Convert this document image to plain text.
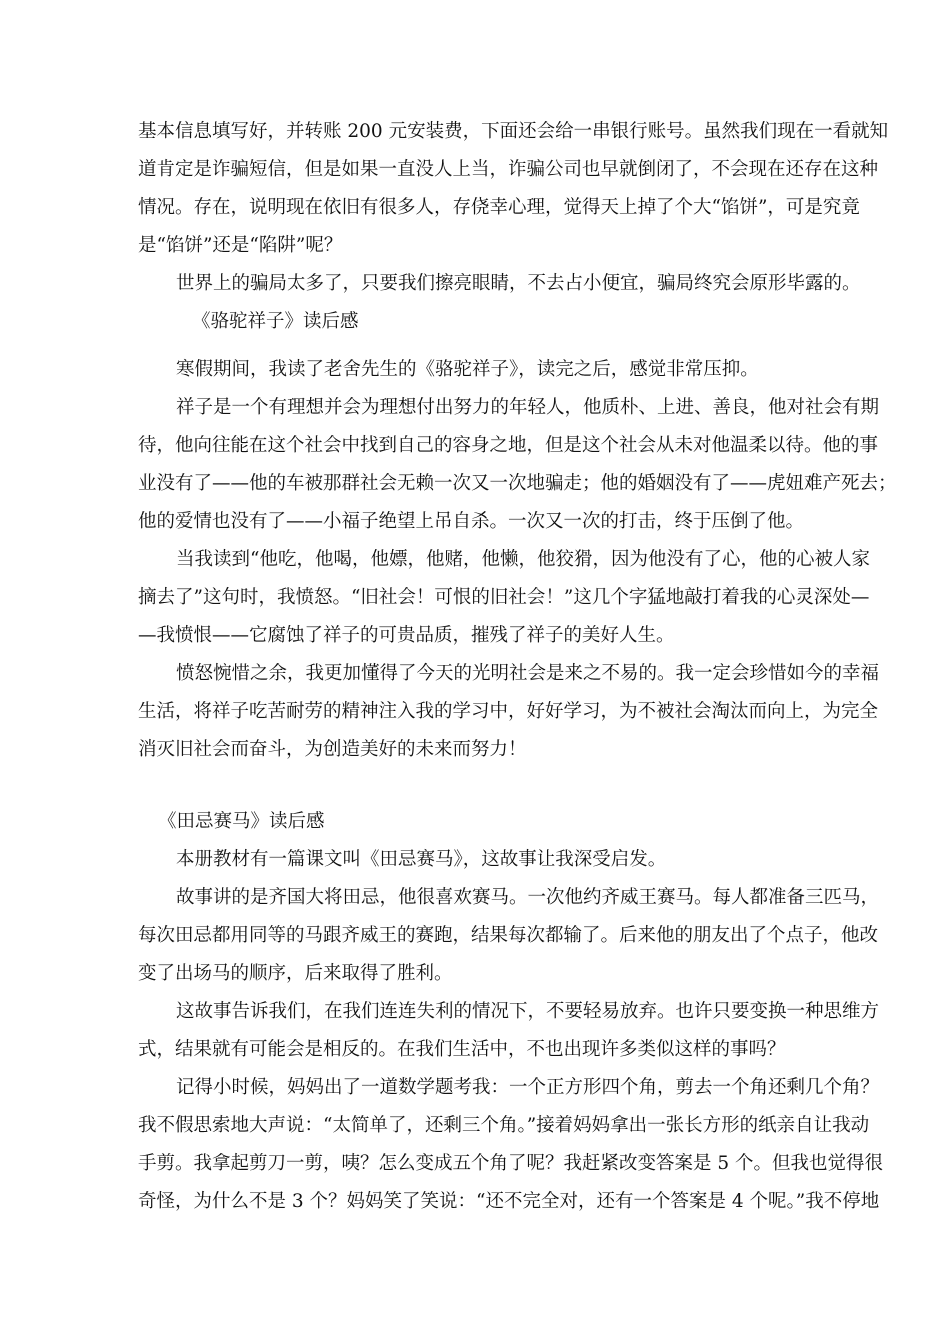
基本信息填写好，并转账 200 元安装费，下面还会给一串银行账号。虽然我们现在一看就知
道肯定是诈骗短信，但是如果一直没人上当，诈骗公司也早就倒闭了，不会现在还存在这种
情况。存在，说明现在依旧有很多人，存侥幸心理，觉得天上掉了个大“馅饼”，可是究竟
是“馅饼”还是“陷阱”呢？
世界上的骗局太多了，只要我们擦亮眼睛，不去占小便宜，骗局终究会原形毕露的。
《骆驼祥子》读后感
寒假期间，我读了老舍先生的《骆驼祥子》，读完之后，感觉非常压抑。
祥子是一个有理想并会为理想付出努力的年轻人，他质朴、上进、善良，他对社会有期
待，他向往能在这个社会中找到自己的容身之地，但是这个社会从未对他温柔以待。他的事
业没有了——他的车被那群社会无赖一次又一次地骗走；他的婚姻没有了——虎妞难产死去；
他的爱情也没有了——小福子绝望上吊自杀。一次又一次的打击，终于压倒了他。
当我读到“他吃，他喝，他嫖，他赌，他懒，他狡猾，因为他没有了心，他的心被人家
摘去了”这句时，我愤怒。“旧社会！可恨的旧社会！”这几个字猛地敲打着我的心灵深处—
—我愤恨——它腐蚀了祥子的可贵品质，摧残了祥子的美好人生。
愤怒惋惜之余，我更加懂得了今天的光明社会是来之不易的。我一定会珍惜如今的幸福
生活，将祥子吃苦耐劳的精神注入我的学习中，好好学习，为不被社会淘汰而向上，为完全
消灭旧社会而奋斗，为创造美好的未来而努力！
《田忌赛马》读后感
本册教材有一篇课文叫《田忌赛马》，这故事让我深受启发。
故事讲的是齐国大将田忌，他很喜欢赛马。一次他约齐威王赛马。每人都准备三匹马，
每次田忌都用同等的马跟齐威王的赛跑，结果每次都输了。后来他的朋友出了个点子，他改
变了出场马的顺序，后来取得了胜利。
这故事告诉我们，在我们连连失利的情况下，不要轻易放弃。也许只要变换一种思维方
式，结果就有可能会是相反的。在我们生活中，不也出现许多类似这样的事吗？
记得小时候，妈妈出了一道数学题考我：一个正方形四个角，剪去一个角还剩几个角？
我不假思索地大声说：“太简单了，还剩三个角。”接着妈妈拿出一张长方形的纸亲自让我动
手剪。我拿起剪刀一剪，咦？怎么变成五个角了呢？我赶紧改变答案是 5 个。但我也觉得很
奇怪，为什么不是 3 个？妈妈笑了笑说：“还不完全对，还有一个答案是 4 个呢。”我不停地
